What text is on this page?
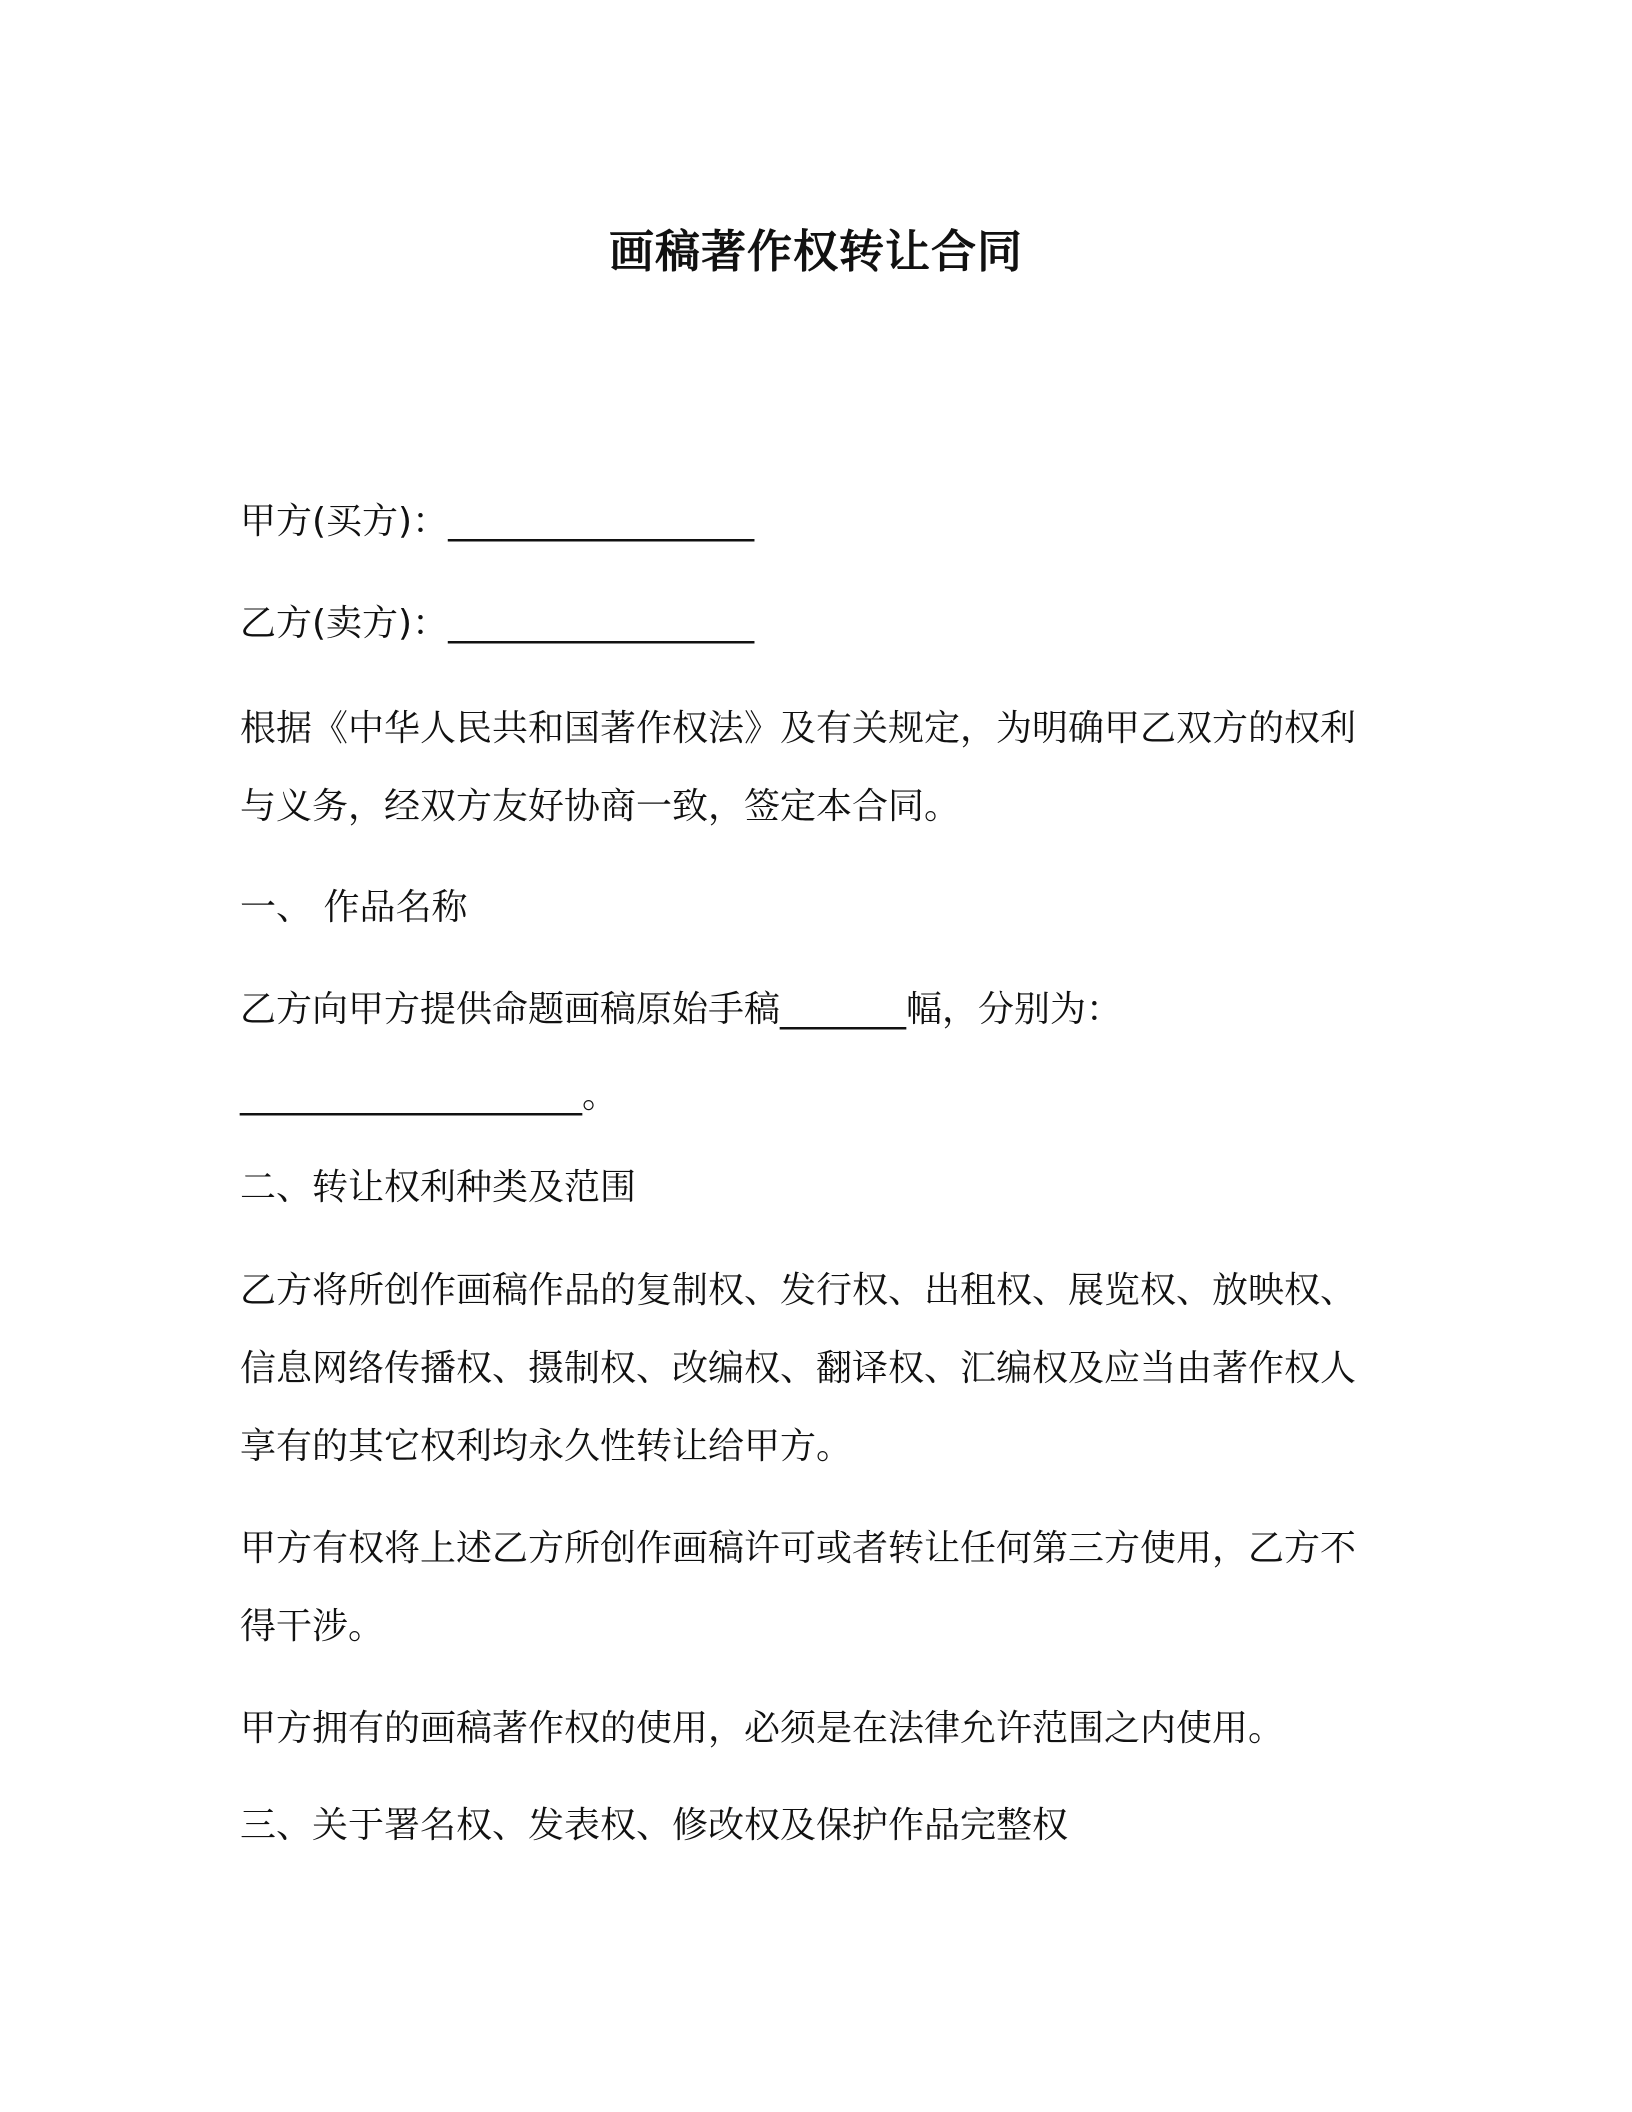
画稿著作权转让合同

甲方(买方)：_________________

乙方(卖方)：_________________

根据《中华人民共和国著作权法》及有关规定，为明确甲乙双方的权利与义务，经双方友好协商一致，签定本合同。

一、 作品名称

乙方向甲方提供命题画稿原始手稿_______幅，分别为：

___________________。

二、转让权利种类及范围

乙方将所创作画稿作品的复制权、发行权、出租权、展览权、放映权、信息网络传播权、摄制权、改编权、翻译权、汇编权及应当由著作权人享有的其它权利均永久性转让给甲方。

甲方有权将上述乙方所创作画稿许可或者转让任何第三方使用，乙方不得干涉。

甲方拥有的画稿著作权的使用，必须是在法律允许范围之内使用。

三、关于署名权、发表权、修改权及保护作品完整权
